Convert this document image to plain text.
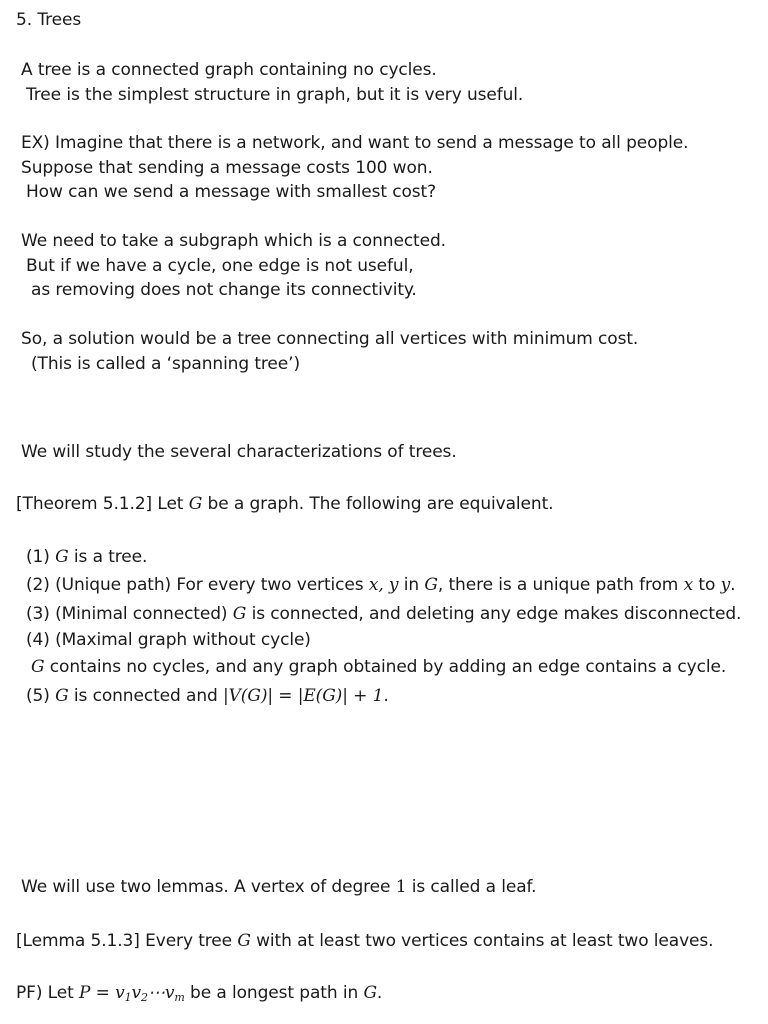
5. Trees
A tree is a connected graph containing no cycles.
Tree is the simplest structure in graph, but it is very useful.
EX) Imagine that there is a network, and want to send a message to all people.
Suppose that sending a message costs 100 won.
How can we send a message with smallest cost?
We need to take a subgraph which is a connected.
But if we have a cycle, one edge is not useful,
as removing does not change its connectivity.
So, a solution would be a tree connecting all vertices with minimum cost.
(This is called a ‘spanning tree’)
We will study the several characterizations of trees.
[Theorem 5.1.2] Let G be a graph. The following are equivalent.
(1) G is a tree.
(2) (Unique path) For every two vertices x, y in G, there is a unique path from x to y.
(3) (Minimal connected) G is connected, and deleting any edge makes disconnected.
(4) (Maximal graph without cycle)
G contains no cycles, and any graph obtained by adding an edge contains a cycle.
(5) G is connected and |V(G)| = |E(G)| + 1.
We will use two lemmas. A vertex of degree 1 is called a leaf.
[Lemma 5.1.3] Every tree G with at least two vertices contains at least two leaves.
PF) Let $P = v_1v_2\cdots v_m$ be a longest path in G.
